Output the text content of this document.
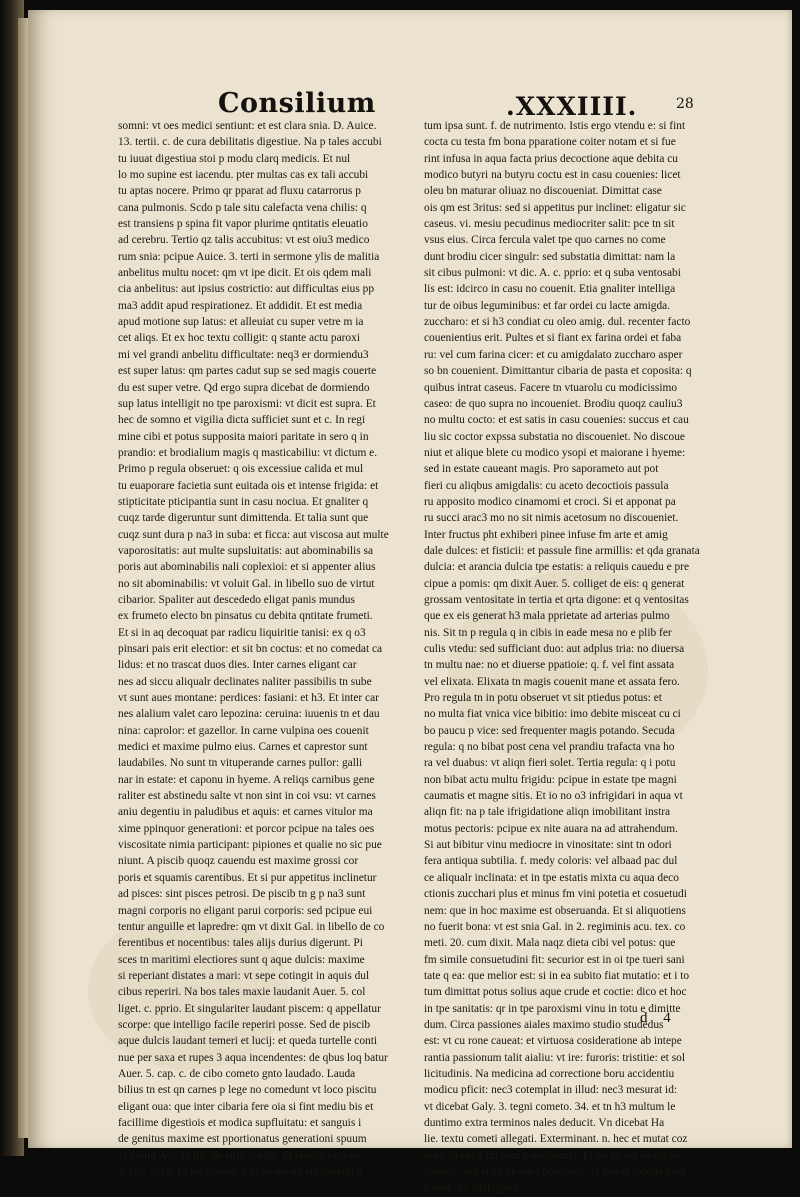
Consilium	.XXXIIII.	28
somni: vt oes medici sentiunt: et est clara snia. D. Auice.
13. tertii. c. de cura debilitatis digestiue. Na p tales accubi
tu iuuat digestiua stoi p modu clarq medicis. Et nul
lo mo supine est iacendu. pter multas cas ex tali accubi
tu aptas nocere. Primo qr pparat ad fluxu catarrorus p
cana pulmonis. Scdo p tale situ calefacta vena chilis: q
est transiens p spina fit vapor plurime qntitatis eleuatio
ad cerebru. Tertio qz talis accubitus: vt est oiu3 medico
rum snia: pcipue Auice. 3. terti in sermone ylis de malitia
anbelitus multu nocet: qm vt ipe dicit. Et ois qdem mali
cia anbelitus: aut ipsius costrictio: aut difficultas eius pp
ma3 addit apud respirationez. Et addidit. Et est media
apud motione sup latus: et alleuiat cu super vetre m ia
cet aliqs. Et ex hoc textu colligit: q stante actu paroxi
mi vel grandi anbelitu difficultate: neq3 er dormiendu3
est super latus: qm partes cadut sup se sed magis couerte
du est super vetre. Qd ergo supra dicebat de dormiendo
sup latus intelligit no tpe paroxismi: vt dicit est supra. Et
hec de somno et vigilia dicta sufficiet sunt et c. In regi
mine cibi et potus supposita maiori paritate in sero q in
prandio: et brodialium magis q masticabiliu: vt dictum e.
Primo p regula obseruet: q ois excessiue calida et mul
tu euaporare facietia sunt euitada ois et intense frigida: et
stipticitate pticipantia sunt in casu nociua. Et gnaliter q
cuqz tarde digeruntur sunt dimittenda. Et talia sunt que
cuqz sunt dura p na3 in suba: et ficca: aut viscosa aut multe
vaporositatis: aut multe supsluitatis: aut abominabilis sa
poris aut abominabilis nali coplexioi: et si appenter alius
no sit abominabilis: vt voluit Gal. in libello suo de virtut
cibarior. Spaliter aut descededo eligat panis mundus
ex frumeto electo bn pinsatus cu debita qntitate frumeti.
Et si in aq decoquat par radicu liquiritie tanisi: ex q o3
pinsari pais erit electior: et sit bn coctus: et no comedat ca
lidus: et no trascat duos dies. Inter carnes eligant car
nes ad siccu aliqualr declinates naliter passibilis tn sube
vt sunt aues montane: perdices: fasiani: et h3. Et inter car
nes alalium valet caro lepozina: ceruina: iuuenis tn et dau
nina: caprolor: et gazellor. In carne vulpina oes couenit
medici et maxime pulmo eius. Carnes et caprestor sunt
laudabiles. No sunt tn vituperande carnes pullor: galli
nar in estate: et caponu in hyeme. A reliqs carnibus gene
raliter est abstinedu salte vt non sint in coi vsu: vt carnes
aniu degentiu in paludibus et aquis: et carnes vitulor ma
xime ppinquor generationi: et porcor pcipue na tales oes
viscositate nimia participant: pipiones et qualie no sic pue
niunt. A piscib quoqz cauendu est maxime grossi cor
poris et squamis carentibus. Et si pur appetitus inclinetur
ad pisces: sint pisces petrosi. De piscib tn g p na3 sunt
magni corporis no eligant parui corporis: sed pcipue eui
tentur anguille et lapredre: qm vt dixit Gal. in libello de co
ferentibus et nocentibus: tales alijs durius digerunt. Pi
sces tn maritimi electiores sunt q aque dulcis: maxime
si reperiant distates a mari: vt sepe cotingit in aquis dul
cibus reperiri. Na bos tales maxie laudanit Auer. 5. col
liget. c. pprio. Et singulariter laudant piscem: q appellatur
scorpe: que intelligo facile reperiri posse. Sed de piscib
aque dulcis laudant temeri et lucij: et queda turtelle conti
nue per saxa et rupes 3 aqua incendentes: de qbus loq batur
Auer. 5. cap. c. de cibo cometo gnto laudado. Lauda
bilius tn est qn carnes p lege no comedunt vt loco piscitu
eligant oua: que inter cibaria fere oia si fint mediu bis et
facillime digestiois et modica supfluitatu: et sanguis i
de genitus maxime est pportionatus generationi spuum
vt voluit Aui. in lib. de virib cordis. Et laudas ea Auer.
2. cap. dixit. Et est opinio: q tn podus ex eis generat q
tum ipsa sunt. f. de nutrimento. Istis ergo vtendu e: si fint
cocta cu testa fm bona pparatione coiter notam et si fue
rint infusa in aqua facta prius decoctione aque debita cu
modico butyri na butyru coctu est in casu couenies: licet
oleu bn maturar oliuaz no discoueniat. Dimittat case
ois qm est 3ritus: sed si appetitus pur inclinet: eligatur sic
caseus. vi. mesiu pecudinus mediocriter salit: pce tn sit
vsus eius. Circa fercula valet tpe quo carnes no come
dunt brodiu cicer singulr: sed substatia dimittat: nam la
sit cibus pulmoni: vt dic. A. c. pprio: et q suba ventosabi
lis est: idcirco in casu no couenit. Etia gnaliter intelliga
tur de oibus leguminibus: et far ordei cu lacte amigda.
zuccharo: et si h3 condiat cu oleo amig. dul. recenter facto
couenientius erit. Pultes et si fiant ex farina ordei et faba
ru: vel cum farina cicer: et cu amigdalato zuccharo asper
so bn couenient. Dimittantur cibaria de pasta et coposita: q
quibus intrat caseus. Facere tn vtuarolu cu modicissimo
caseo: de quo supra no incoueniet. Brodiu quoqz cauliu3
no multu cocto: et est satis in casu couenies: succus et cau
liu sic coctor expssa substatia no discoueniet. No discoue
niut et alique blete cu modico ysopi et maiorane i hyeme:
sed in estate caueant magis. Pro saporameto aut pot
fieri cu aliqbus amigdalis: cu aceto decoctiois passula
ru apposito modico cinamomi et croci. Si et apponat pa
ru succi arac3 mo no sit nimis acetosum no discoueniet.
Inter fructus pht exhiberi pinee infuse fm arte et amig
dale dulces: et fisticii: et passule fine armillis: et qda granata
dulcia: et arancia dulcia tpe estatis: a reliquis cauedu e pre
cipue a pomis: qm dixit Auer. 5. colliget de eis: q generat
grossam ventositate in tertia et qrta digone: et q ventositas
que ex eis generat h3 mala pprietate ad arterias pulmo
nis. Sit tn p regula q in cibis in eade mesa no e plib fer
culis vtedu: sed sufficiant duo: aut adplus tria: no diuersa
tn multu nae: no et diuerse ppatioie: q. f. vel fint assata
vel elixata. Elixata tn magis couenit mane et assata fero.
Pro regula tn in potu obseruet vt sit ptiedus potus: et
no multa fiat vnica vice bibitio: imo debite misceat cu ci
bo paucu p vice: sed frequenter magis potando. Secuda
regula: q no bibat post cena vel prandiu trafacta vna ho
ra vel duabus: vt aliqn fieri solet. Tertia regula: q i potu
non bibat actu multu frigidu: pcipue in estate tpe magni
caumatis et magne sitis. Et io no o3 infrigidari in aqua vt
aliqn fit: na p tale ifrigidatione aliqn imobilitant instra
motus pectoris: pcipue ex nite auara na ad attrahendum.
Si aut bibitur vinu mediocre in vinositate: sint tn odori
fera antiqua subtilia. f. medy coloris: vel albaad pac dul
ce aliqualr inclinata: et in tpe estatis mixta cu aqua deco
ctionis zucchari plus et minus fm vini potetia et cosuetudi
nem: que in hoc maxime est obseruanda. Et si aliquotiens
no fuerit bona: vt est snia Gal. in 2. regiminis acu. tex. co
meti. 20. cum dixit. Mala naqz dieta cibi vel potus: que
fm simile consuetudini fit: securior est in oi tpe tueri sani
tate q ea: que melior est: si in ea subito fiat mutatio: et i to
tum dimittat potus solius aque crude et coctie: dico et hoc
in tpe sanitatis: qr in tpe paroxismi vinu in totu e dimitte
dum. Circa passiones aiales maximo studio studedus
est: vt cu rone caueat: et virtuosa cosideratione ab intepe
rantia passionum talit aialiu: vt ire: furoris: tristitie: et sol
licitudinis. Na medicina ad correctione boru accidentiu
modicu pficit: nec3 cotemplat in illud: nec3 mesurat id:
vt dicebat Galy. 3. tegni cometo. 34. et tn h3 multum le
duntimo extra terminos nales deducit. Vn dicebat Ha
lie. textu cometi allegati. Exterminant. n. hec et mutat coz
pora ab ea: q fm nam consistentia. Et no tm est ab eis ab
stinedu: sed et ex pposito pcurandu: vt lete et iocude vina
Consi. Jo. Mat. gradi.
d 4
